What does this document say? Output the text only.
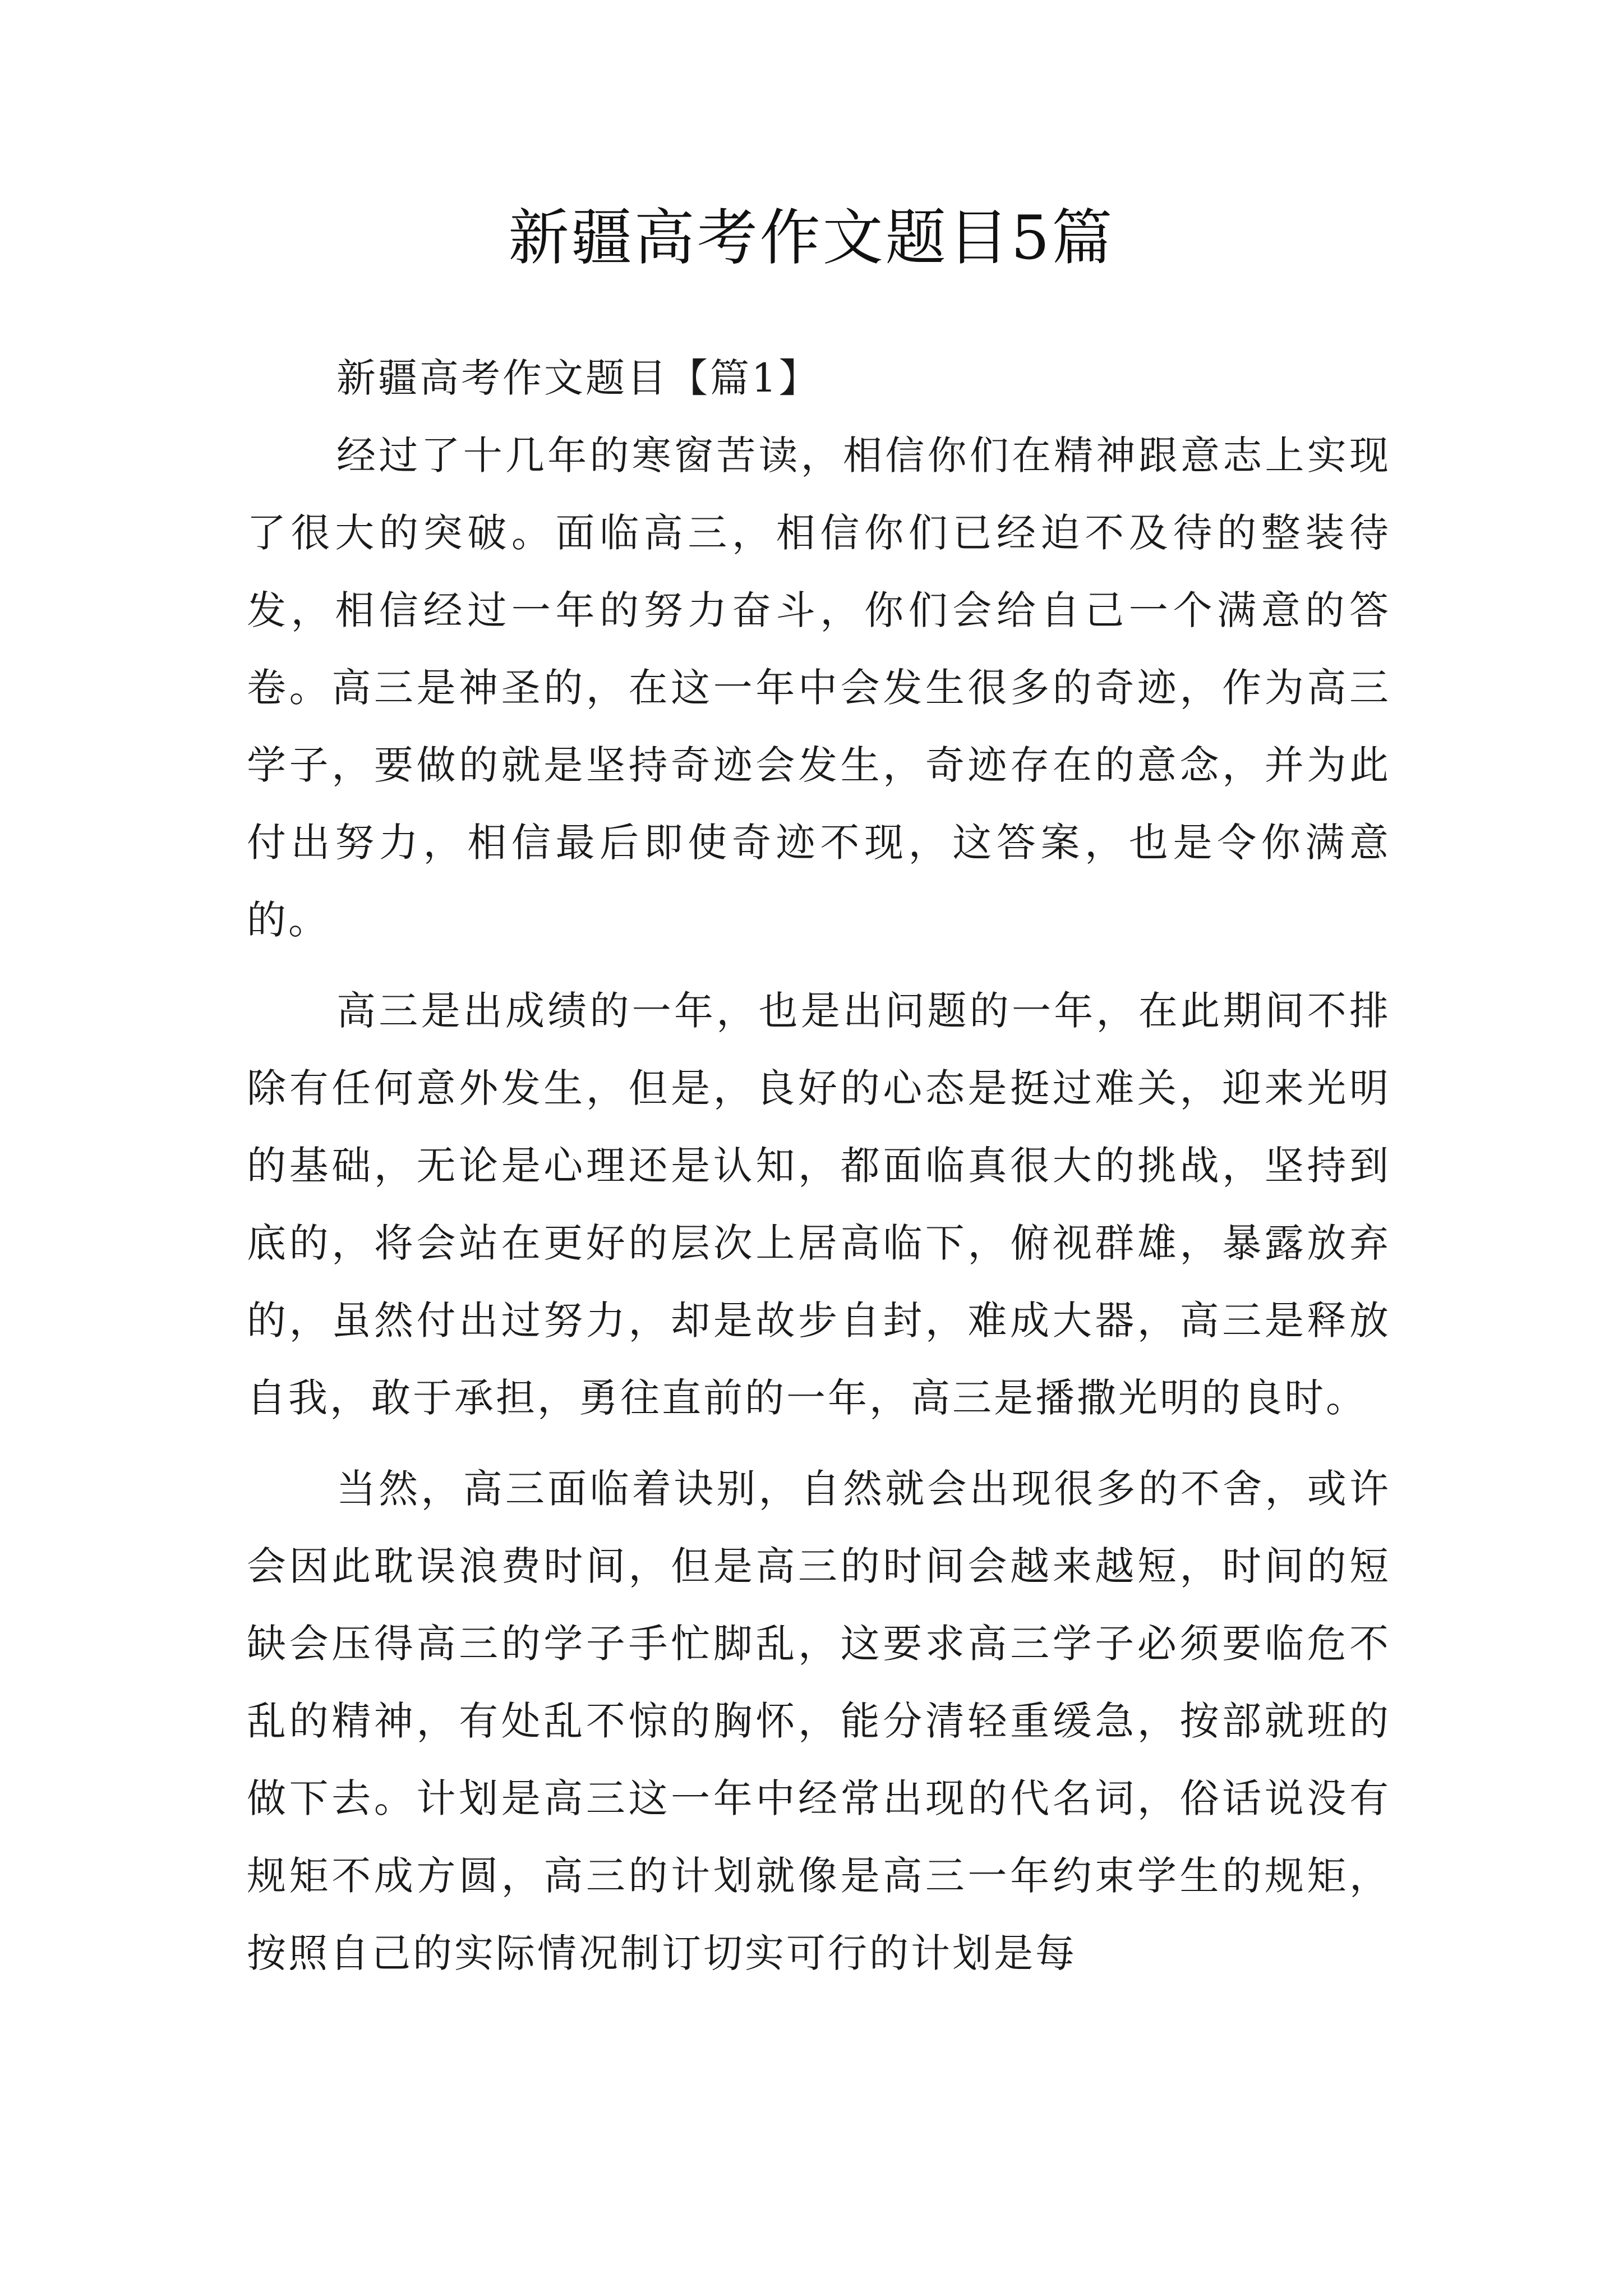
新疆高考作文题目5篇
新疆高考作文题目【篇1】

经过了十几年的寒窗苦读，相信你们在精神跟意志上实现了很大的突破。面临高三，相信你们已经迫不及待的整装待发，相信经过一年的努力奋斗，你们会给自己一个满意的答卷。高三是神圣的，在这一年中会发生很多的奇迹，作为高三学子，要做的就是坚持奇迹会发生，奇迹存在的意念，并为此付出努力，相信最后即使奇迹不现，这答案，也是令你满意的。

高三是出成绩的一年，也是出问题的一年，在此期间不排除有任何意外发生，但是，良好的心态是挺过难关，迎来光明的基础，无论是心理还是认知，都面临真很大的挑战，坚持到底的，将会站在更好的层次上居高临下，俯视群雄，暴露放弃的，虽然付出过努力，却是故步自封，难成大器，高三是释放自我，敢于承担，勇往直前的一年，高三是播撒光明的良时。

当然，高三面临着诀别，自然就会出现很多的不舍，或许会因此耽误浪费时间，但是高三的时间会越来越短，时间的短缺会压得高三的学子手忙脚乱，这要求高三学子必须要临危不乱的精神，有处乱不惊的胸怀，能分清轻重缓急，按部就班的做下去。计划是高三这一年中经常出现的代名词，俗话说没有规矩不成方圆，高三的计划就像是高三一年约束学生的规矩，按照自己的实际情况制订切实可行的计划是每
